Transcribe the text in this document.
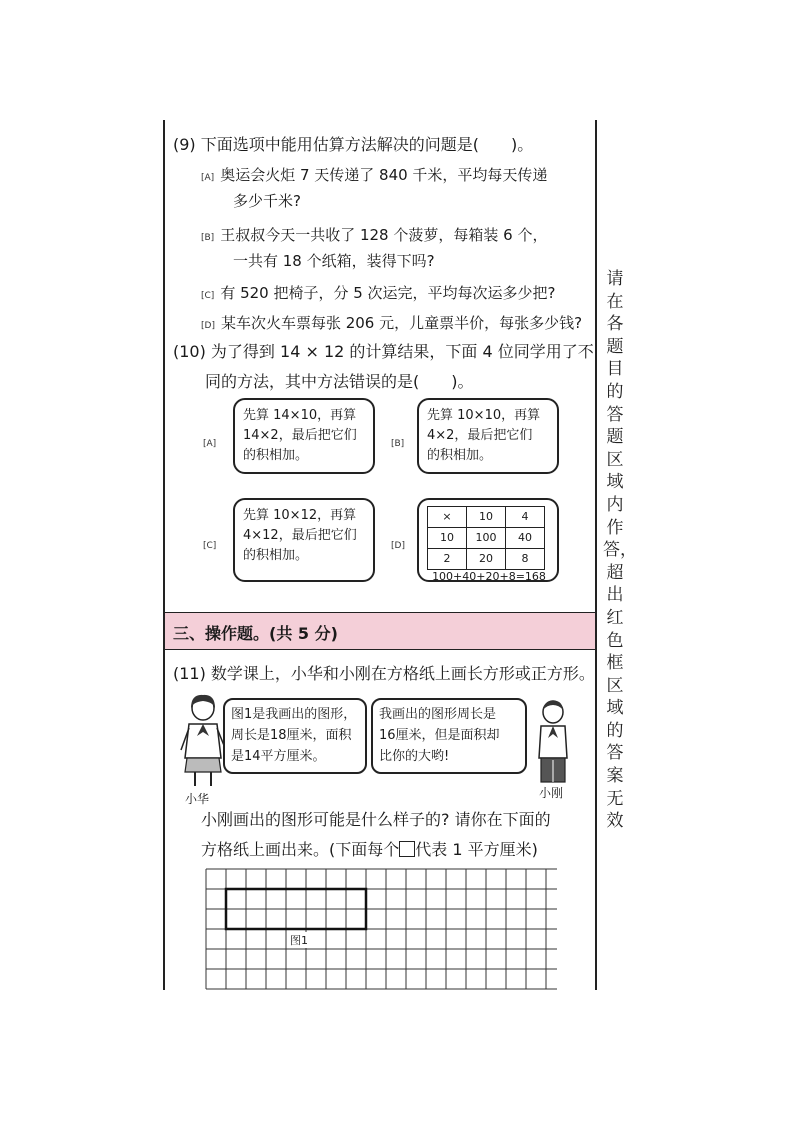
(9) 下面选项中能用估算方法解决的问题是(　　)。
[A] 奥运会火炬 7 天传递了 840 千米，平均每天传递
多少千米?
[B] 王叔叔今天一共收了 128 个菠萝，每箱装 6 个，
一共有 18 个纸箱，装得下吗?
[C] 有 520 把椅子，分 5 次运完，平均每次运多少把?
[D] 某车次火车票每张 206 元，儿童票半价，每张多少钱?
(10) 为了得到 14 × 12 的计算结果，下面 4 位同学用了不
同的方法，其中方法错误的是(　　)。
[A]
先算 14×10，再算
14×2，最后把它们
的积相加。
[B]
先算 10×10，再算
4×2，最后把它们
的积相加。
[C]
先算 10×12，再算
4×12，最后把它们
的积相加。
[D]
×	10	4
10	100	40
2	20	8
100+40+20+8=168
三、操作题。(共 5 分)
(11) 数学课上，小华和小刚在方格纸上画长方形或正方形。
小华
图1是我画出的图形，
周长是18厘米，面积
是14平方厘米。
我画出的图形周长是
16厘米，但是面积却
比你的大哟!
小刚
小刚画出的图形可能是什么样子的? 请你在下面的
方格纸上画出来。(下面每个 代表 1 平方厘米)
图1
请在各题目的答题区域内作答，超出红色框区域的答案无效
